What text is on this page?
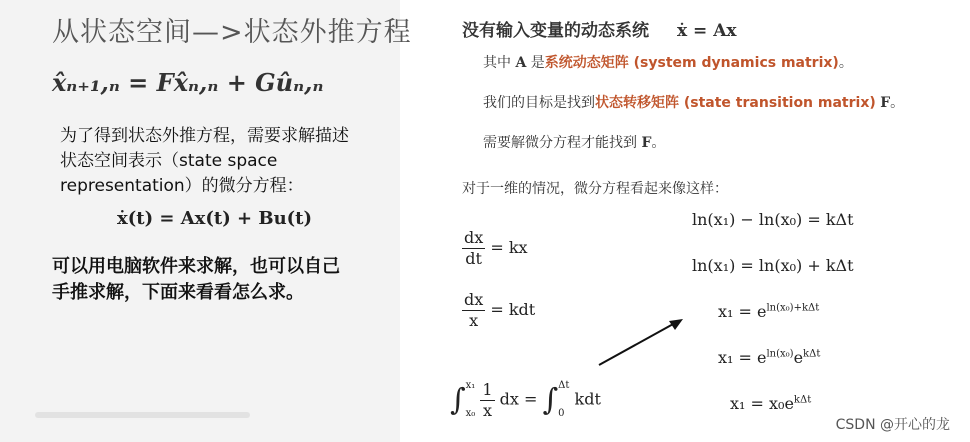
从状态空间—>状态外推方程
x̂ₙ₊₁,ₙ = Fx̂ₙ,ₙ + Gûₙ,ₙ
为了得到状态外推方程，需要求解描述
状态空间表示（state space
representation）的微分方程：
ẋ(t) = Ax(t) + Bu(t)
可以用电脑软件来求解，也可以自己
手推求解，下面来看看怎么求。
没有输入变量的动态系统 ẋ = Ax
其中 A 是系统动态矩阵 (system dynamics matrix)。
我们的目标是找到状态转移矩阵 (state transition matrix) F。
需要解微分方程才能找到 F。
对于一维的情况，微分方程看起来像这样：
$\frac{dx}{dt}$ = kx
$\frac{dx}{x}$ = kdt
∫ x₁
x₀
$\frac{1}{x}$ dx = ∫ Δt
0
kdt
ln(x₁) − ln(x₀) = kΔt
ln(x₁) = ln(x₀) + kΔt
$x_1 = e^{ln(x_0)+k\Delta t}$
$x_1 = e^{ln(x_0)}e^{k\Delta t}$
$x_1 = x_0e^{k\Delta t}$
CSDN @开心的龙
